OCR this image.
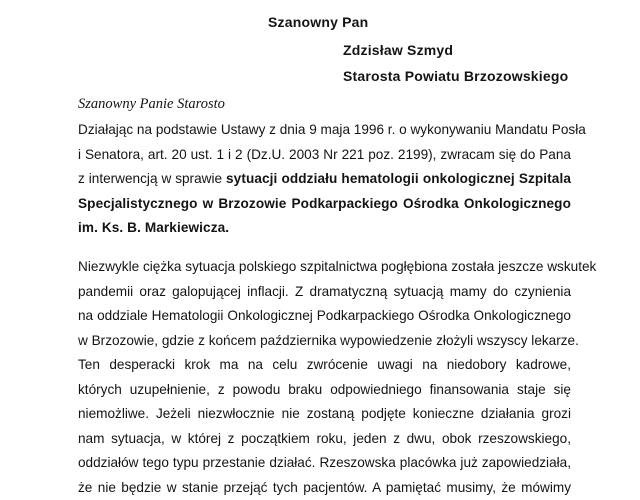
Szanowny Pan
Zdzisław Szmyd
Starosta Powiatu Brzozowskiego
Szanowny Panie Starosto
Działając na podstawie Ustawy z dnia 9 maja 1996 r. o wykonywaniu Mandatu Posła
i Senatora, art. 20 ust. 1 i 2 (Dz.U. 2003 Nr 221 poz. 2199), zwracam się do Pana
z interwencją w sprawie sytuacji oddziału hematologii onkologicznej Szpitala
Specjalistycznego w Brzozowie Podkarpackiego Ośrodka Onkologicznego
im. Ks. B. Markiewicza.
Niezwykle ciężka sytuacja polskiego szpitalnictwa pogłębiona została jeszcze wskutek
pandemii oraz galopującej inflacji. Z dramatyczną sytuacją mamy do czynienia
na oddziale Hematologii Onkologicznej Podkarpackiego Ośrodka Onkologicznego
w Brzozowie, gdzie z końcem października wypowiedzenie złożyli wszyscy lekarze.
Ten desperacki krok ma na celu zwrócenie uwagi na niedobory kadrowe,
których uzupełnienie, z powodu braku odpowiedniego finansowania staje się
niemożliwe. Jeżeli niezwłocznie nie zostaną podjęte konieczne działania grozi
nam sytuacja, w której z początkiem roku, jeden z dwu, obok rzeszowskiego,
oddziałów tego typu przestanie działać. Rzeszowska placówka już zapowiedziała,
że nie będzie w stanie przejąć tych pacjentów. A pamiętać musimy, że mówimy
